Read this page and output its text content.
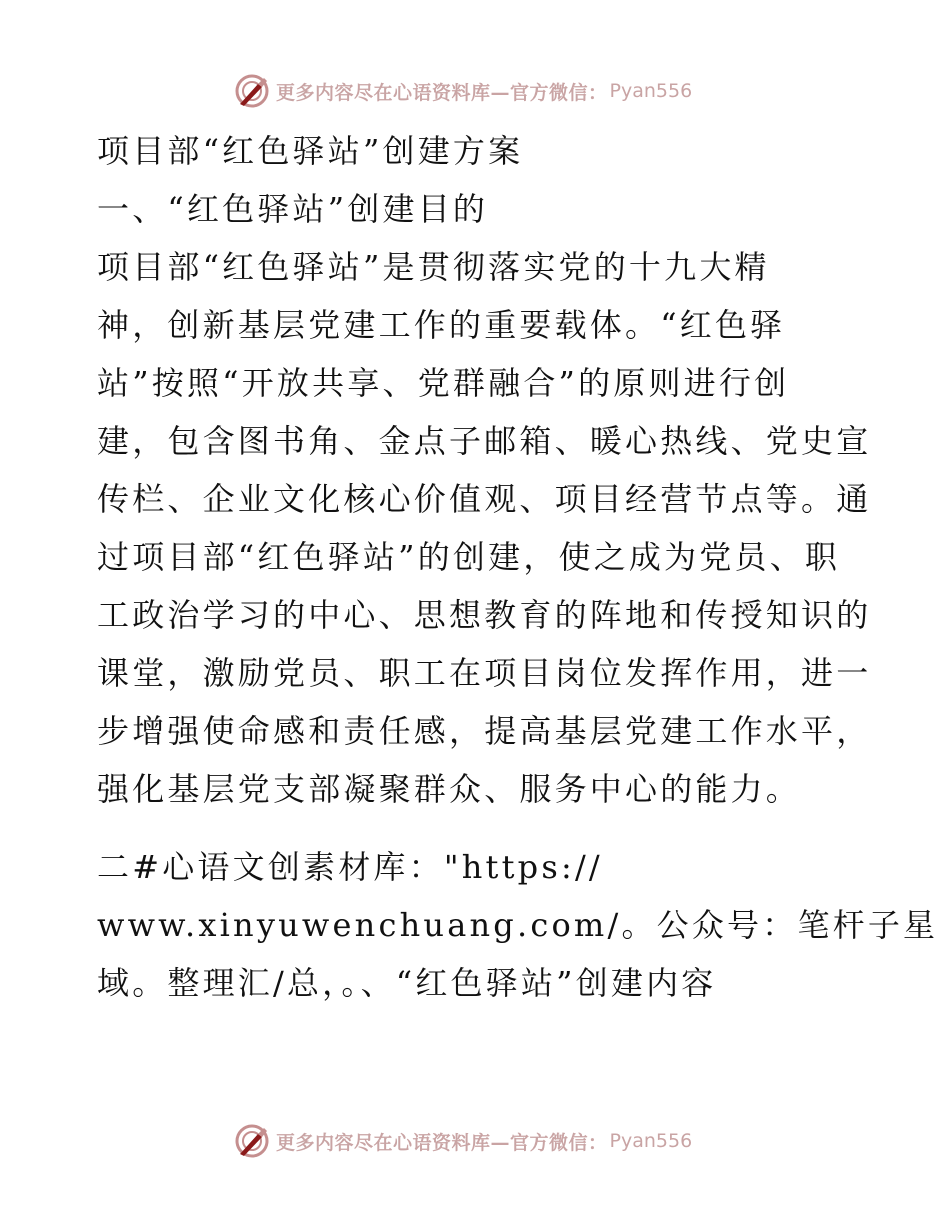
更多内容尽在心语资料库—官方微信： Pyan556
项目部“红色驿站”创建方案
一、“红色驿站”创建目的
项目部“红色驿站”是贯彻落实党的十九大精
神，创新基层党建工作的重要载体。“红色驿
站”按照“开放共享、党群融合”的原则进行创
建，包含图书角、金点子邮箱、暖心热线、党史宣
传栏、企业文化核心价值观、项目经营节点等。通
过项目部“红色驿站”的创建，使之成为党员、职
工政治学习的中心、思想教育的阵地和传授知识的
课堂，激励党员、职工在项目岗位发挥作用，进一
步增强使命感和责任感，提高基层党建工作水平，
强化基层党支部凝聚群众、服务中心的能力。
二#心语文创素材库："https://
www.xinyuwenchuang.com/。公众号：笔杆子星
域。整理汇/总，。、“红色驿站”创建内容
更多内容尽在心语资料库—官方微信： Pyan556
